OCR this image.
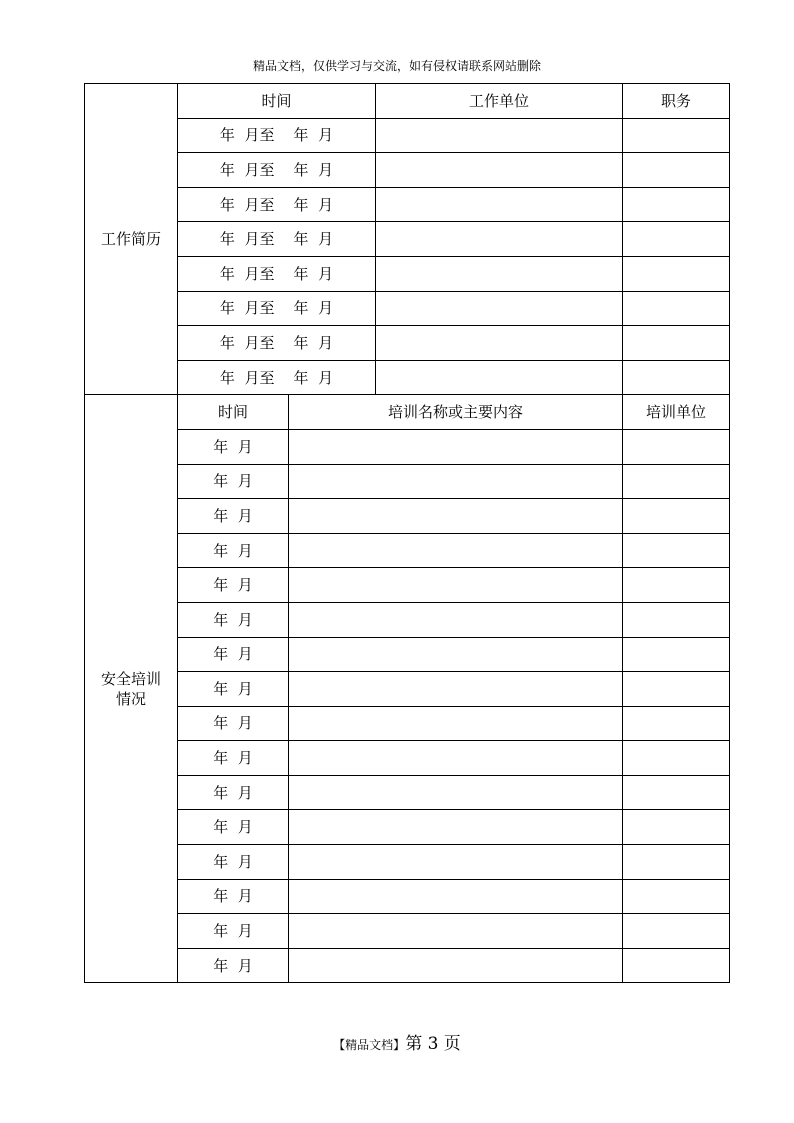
精品文档，仅供学习与交流，如有侵权请联系网站删除
工作简历	时间		工作单位	职务
	年  月至    年  月			
	年  月至    年  月			
	年  月至    年  月			
	年  月至    年  月			
	年  月至    年  月			
	年  月至    年  月			
	年  月至    年  月			
	年  月至    年  月			

安全培训
情况	时间	培训名称或主要内容		培训单位
	年  月			
	年  月			
	年  月			
	年  月			
	年  月			
	年  月			
	年  月			
	年  月			
	年  月			
	年  月			
	年  月			
	年  月			
	年  月			
	年  月			
	年  月			
	年  月			
【精品文档】第 3 页
